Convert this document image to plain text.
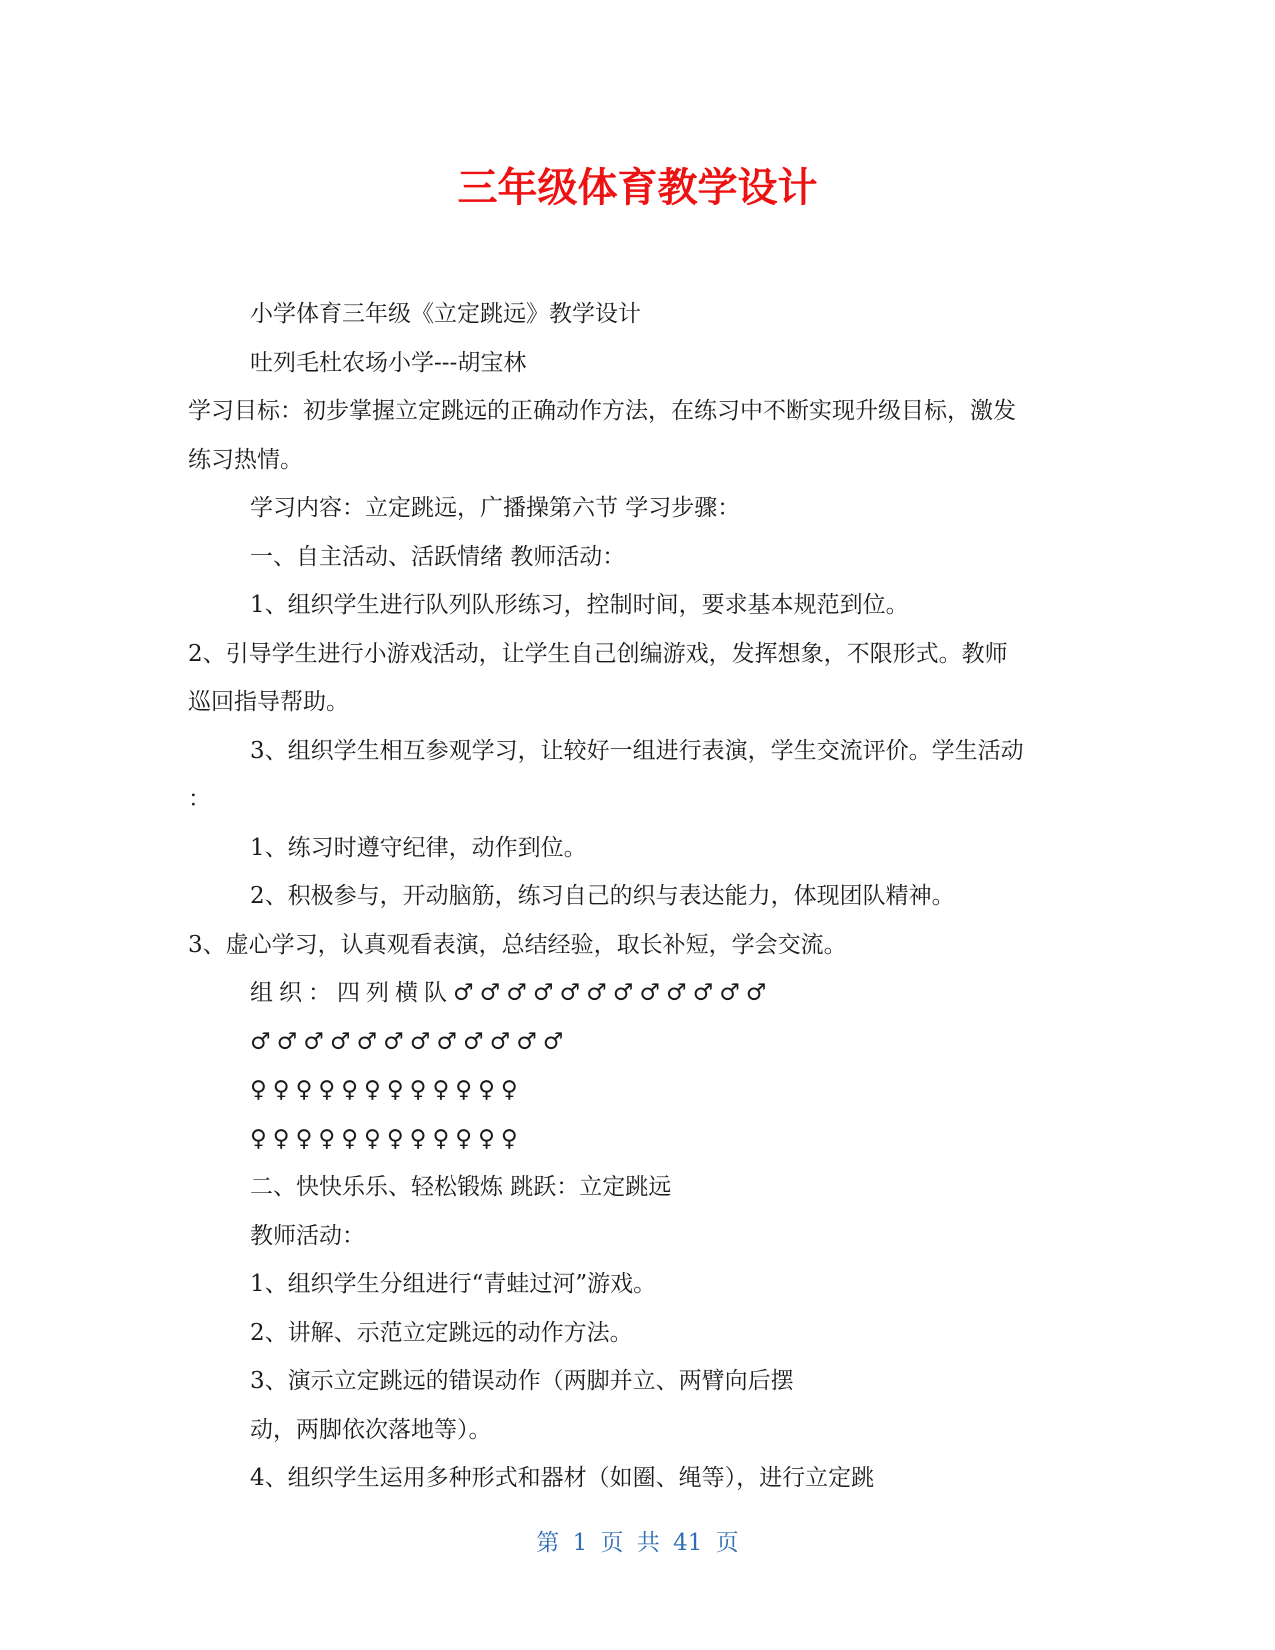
三年级体育教学设计

小学体育三年级《立定跳远》教学设计

吐列毛杜农场小学---胡宝林

学习目标：初步掌握立定跳远的正确动作方法，在练习中不断实现升级目标，激发

练习热情。

学习内容：立定跳远，广播操第六节 学习步骤：

一、自主活动、活跃情绪 教师活动：

1、组织学生进行队列队形练习，控制时间，要求基本规范到位。

2、引导学生进行小游戏活动，让学生自己创编游戏，发挥想象，不限形式。教师

巡回指导帮助。

3、组织学生相互参观学习，让较好一组进行表演，学生交流评价。学生活动

：

1、练习时遵守纪律，动作到位。

2、积极参与，开动脑筋，练习自己的织与表达能力，体现团队精神。

3、虚心学习，认真观看表演，总结经验，取长补短，学会交流。

组织：四列横队♂♂♂♂♂♂♂♂♂♂♂♂

♂♂♂♂♂♂♂♂♂♂♂♂

♀♀♀♀♀♀♀♀♀♀♀♀

♀♀♀♀♀♀♀♀♀♀♀♀

二、快快乐乐、轻松锻炼 跳跃：立定跳远

教师活动：

1、组织学生分组进行“青蛙过河”游戏。

2、讲解、示范立定跳远的动作方法。

3、演示立定跳远的错误动作（两脚并立、两臂向后摆

动，两脚依次落地等）。

4、组织学生运用多种形式和器材（如圈、绳等），进行立定跳

第 1 页 共 41 页
